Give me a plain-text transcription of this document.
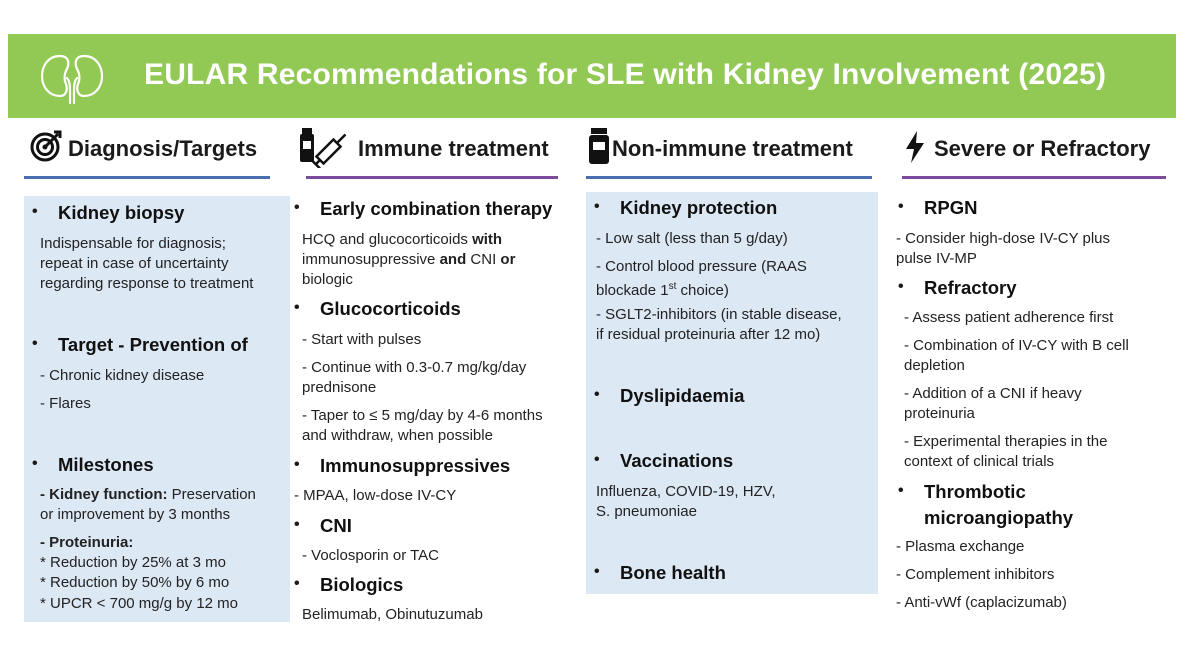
EULAR Recommendations for SLE with Kidney Involvement (2025)
Diagnosis/Targets	Immune treatment	Non-immune treatment	Severe or Refractory
• Kidney biopsy
Indispensable for diagnosis;
repeat in case of uncertainty
regarding response to treatment
• Target - Prevention of
- Chronic kidney disease
- Flares
• Milestones
- Kidney function: Preservation
or improvement by 3 months
- Proteinuria:
* Reduction by 25% at 3 mo
* Reduction by 50% by 6 mo
* UPCR < 700 mg/g by 12 mo
• Early combination therapy
HCQ and glucocorticoids with
immunosuppressive and CNI or
biologic
• Glucocorticoids
- Start with pulses
- Continue with 0.3-0.7 mg/kg/day
prednisone
- Taper to ≤ 5 mg/day by 4-6 months
and withdraw, when possible
• Immunosuppressives
- MPAA, low-dose IV-CY
• CNI
- Voclosporin or TAC
• Biologics
Belimumab, Obinutuzumab
• Kidney protection
- Low salt (less than 5 g/day)
- Control blood pressure (RAAS
blockade 1st choice)
- SGLT2-inhibitors (in stable disease,
if residual proteinuria after 12 mo)
• Dyslipidaemia
• Vaccinations
Influenza, COVID-19, HZV,
S. pneumoniae
• Bone health
• RPGN
- Consider high-dose IV-CY plus
pulse IV-MP
• Refractory
- Assess patient adherence first
- Combination of IV-CY with B cell
depletion
- Addition of a CNI if heavy
proteinuria
- Experimental therapies in the
context of clinical trials
• Thrombotic
microangiopathy
- Plasma exchange
- Complement inhibitors
- Anti-vWf (caplacizumab)
